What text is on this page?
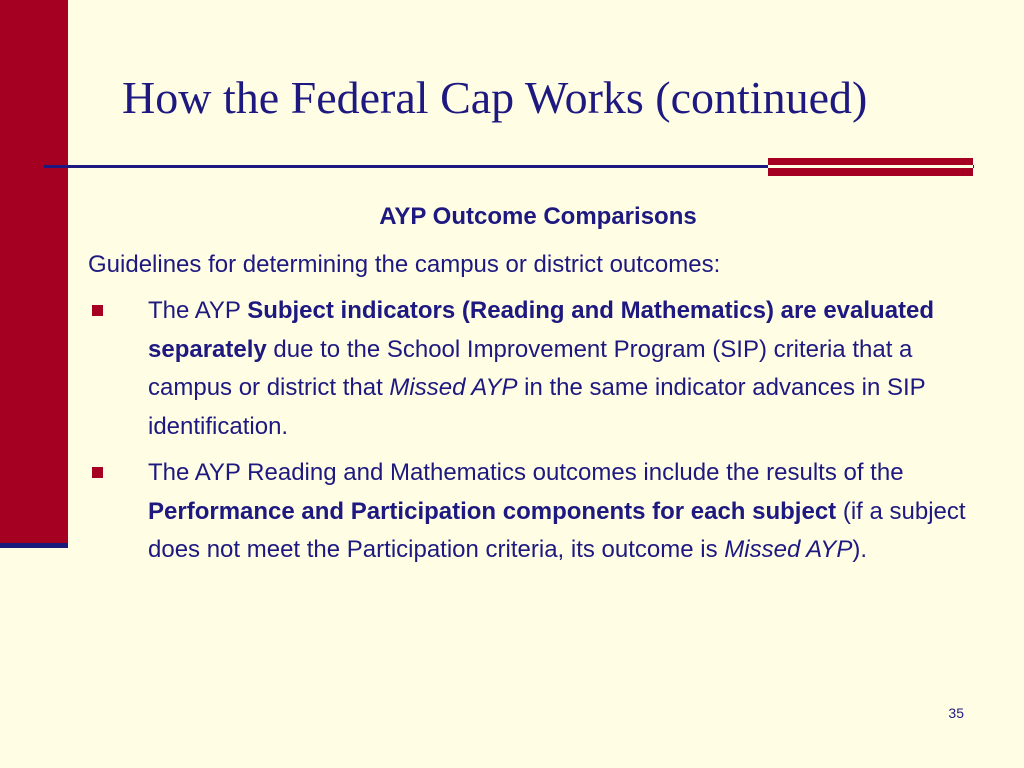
How the Federal Cap Works (continued)
AYP Outcome Comparisons
Guidelines for determining the campus or district outcomes:
The AYP Subject indicators (Reading and Mathematics) are evaluated separately due to the School Improvement Program (SIP) criteria that a campus or district that Missed AYP in the same indicator advances in SIP identification.
The AYP Reading and Mathematics outcomes include the results of the Performance and Participation components for each subject (if a subject does not meet the Participation criteria, its outcome is Missed AYP).
35
